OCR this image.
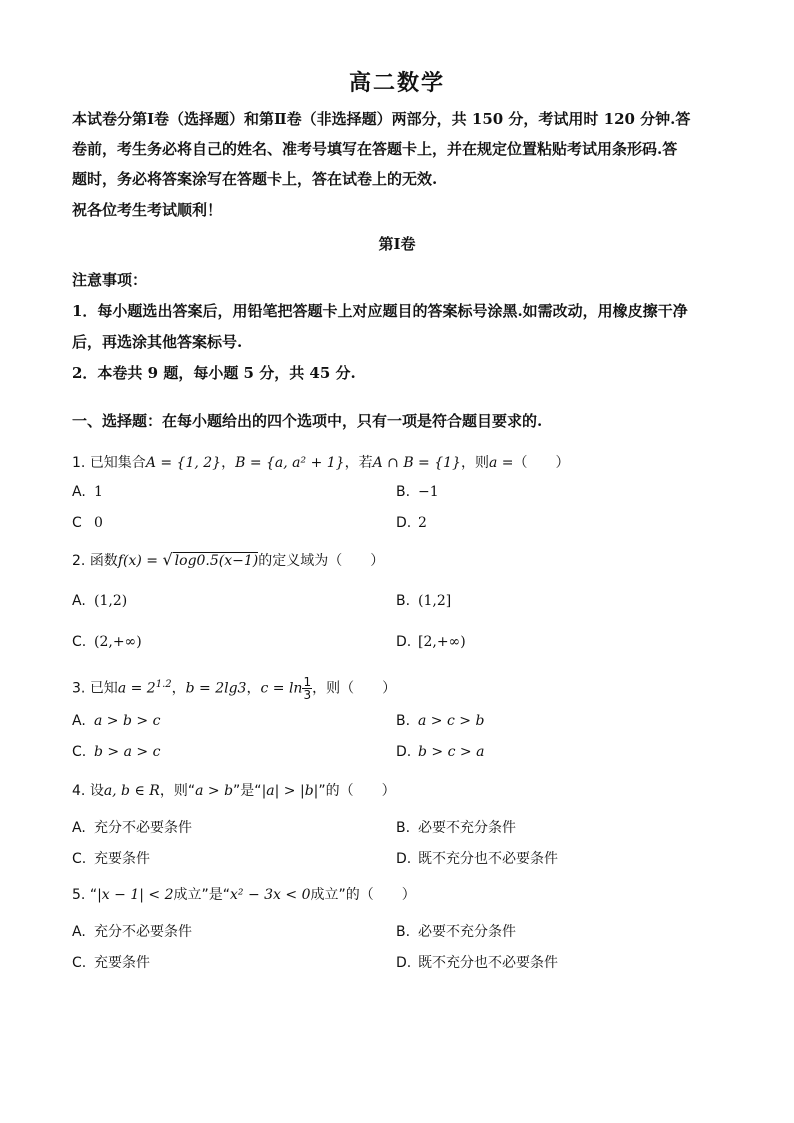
高二数学
本试卷分第Ⅰ卷（选择题）和第Ⅱ卷（非选择题）两部分，共 150 分，考试用时 120 分钟.答
卷前，考生务必将自己的姓名、准考号填写在答题卡上，并在规定位置粘贴考试用条形码.答
题时，务必将答案涂写在答题卡上，答在试卷上的无效.
祝各位考生考试顺利！
第Ⅰ卷
注意事项：
1．每小题选出答案后，用铅笔把答题卡上对应题目的答案标号涂黑.如需改动，用橡皮擦干净
后，再选涂其他答案标号.
2．本卷共 9 题，每小题 5 分，共 45 分.
一、选择题：在每小题给出的四个选项中，只有一项是符合题目要求的.
1. 已知集合A = {1, 2}，B = {a, a² + 1}，若A ∩ B = {1}，则a =（　　）
A. 1	B. −1
C 0	D. 2
2. 函数f(x) = √ log0.5(x−1)的定义域为（　　）
A. (1,2)	B. (1,2]
C. (2,+∞)	D. [2,+∞)
3. 已知$a = 2^{1.2}$，b = 2lg3，$c = \ln \frac{1}{3}$ ，则（　　）
A. a > b > c	B. a > c > b
C. b > a > c	D. b > c > a
4. 设a, b ∈ R，则“a > b”是“|a| > |b|”的（　　）
A. 充分不必要条件	B. 必要不充分条件
C. 充要条件	D. 既不充分也不必要条件
5. “|x − 1| < 2成立”是“x² − 3x < 0成立”的（　　）
A. 充分不必要条件	B. 必要不充分条件
C. 充要条件	D. 既不充分也不必要条件
